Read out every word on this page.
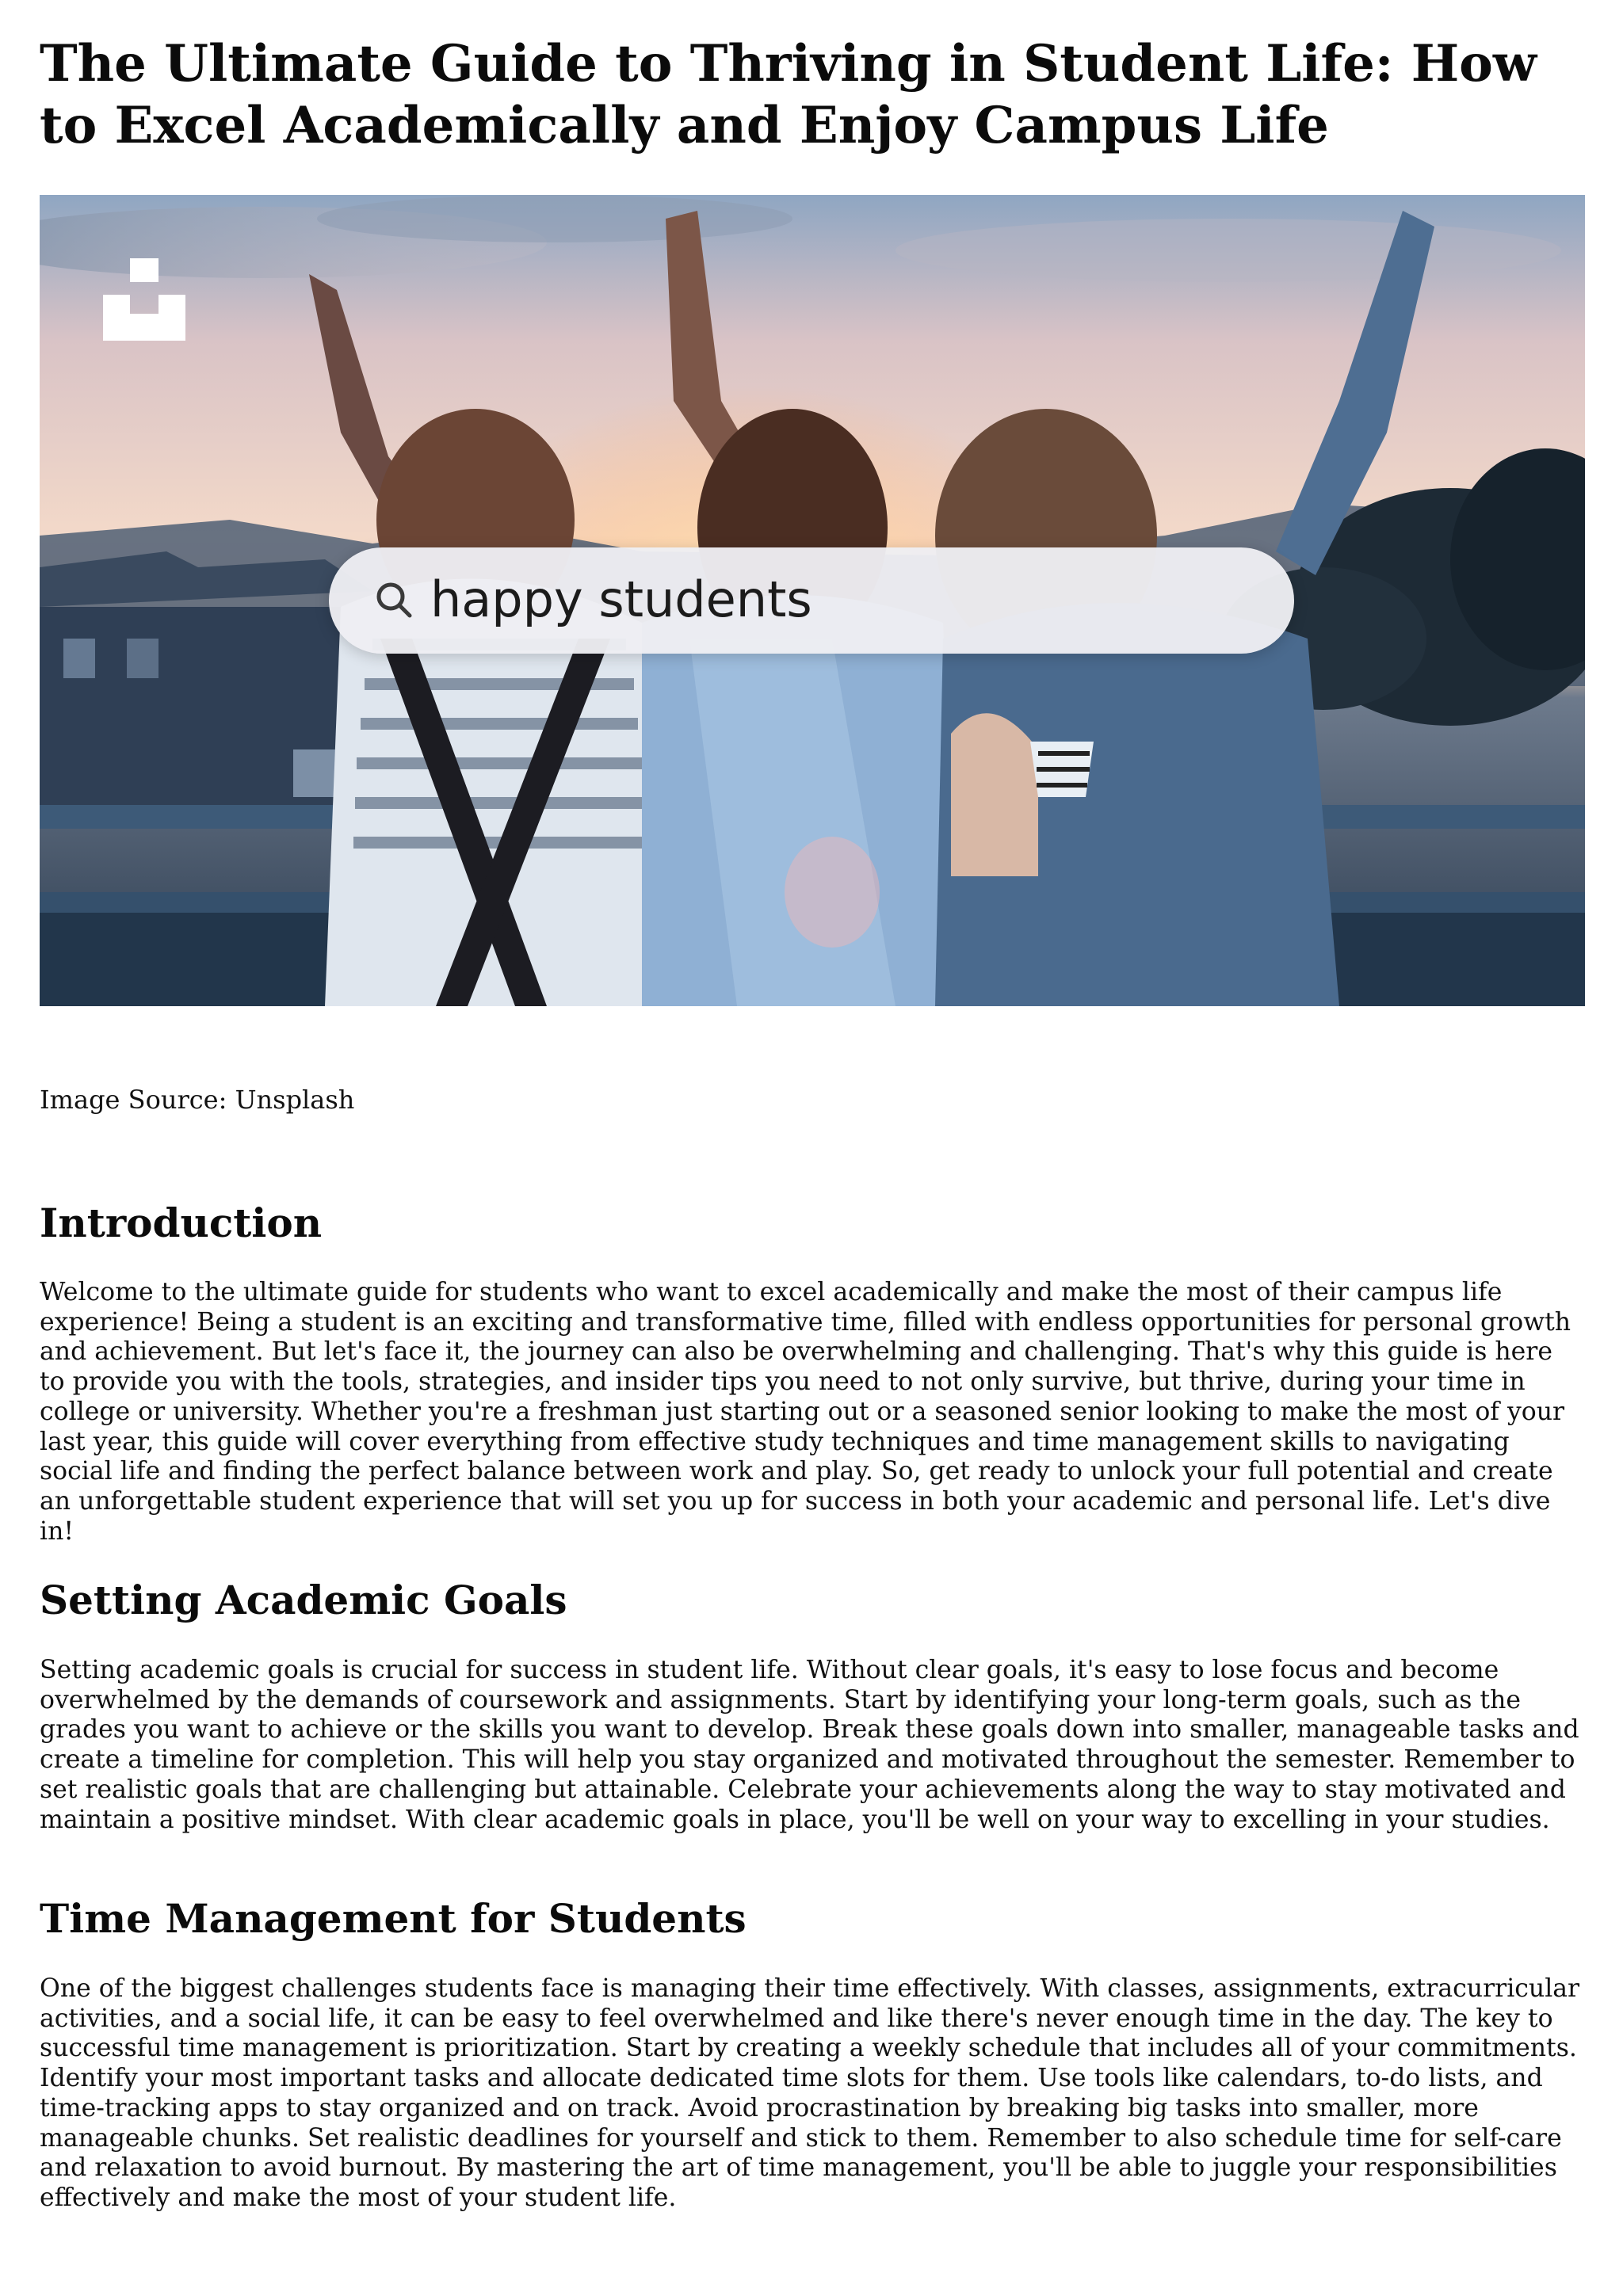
The Ultimate Guide to Thriving in Student Life: How to Excel Academically and Enjoy Campus Life
happy students
Image Source: Unsplash
Introduction

Welcome to the ultimate guide for students who want to excel academically and make the most of their campus life experience! Being a student is an exciting and transformative time, filled with endless opportunities for personal growth and achievement. But let's face it, the journey can also be overwhelming and challenging. That's why this guide is here to provide you with the tools, strategies, and insider tips you need to not only survive, but thrive, during your time in college or university. Whether you're a freshman just starting out or a seasoned senior looking to make the most of your last year, this guide will cover everything from effective study techniques and time management skills to navigating social life and finding the perfect balance between work and play. So, get ready to unlock your full potential and create an unforgettable student experience that will set you up for success in both your academic and personal life. Let's dive in!

Setting Academic Goals

Setting academic goals is crucial for success in student life. Without clear goals, it's easy to lose focus and become overwhelmed by the demands of coursework and assignments. Start by identifying your long-term goals, such as the grades you want to achieve or the skills you want to develop. Break these goals down into smaller, manageable tasks and create a timeline for completion. This will help you stay organized and motivated throughout the semester. Remember to set realistic goals that are challenging but attainable. Celebrate your achievements along the way to stay motivated and maintain a positive mindset. With clear academic goals in place, you'll be well on your way to excelling in your studies.

Time Management for Students

One of the biggest challenges students face is managing their time effectively. With classes, assignments, extracurricular activities, and a social life, it can be easy to feel overwhelmed and like there's never enough time in the day. The key to successful time management is prioritization. Start by creating a weekly schedule that includes all of your commitments. Identify your most important tasks and allocate dedicated time slots for them. Use tools like calendars, to-do lists, and time-tracking apps to stay organized and on track. Avoid procrastination by breaking big tasks into smaller, more manageable chunks. Set realistic deadlines for yourself and stick to them. Remember to also schedule time for self-care and relaxation to avoid burnout. By mastering the art of time management, you'll be able to juggle your responsibilities effectively and make the most of your student life.
